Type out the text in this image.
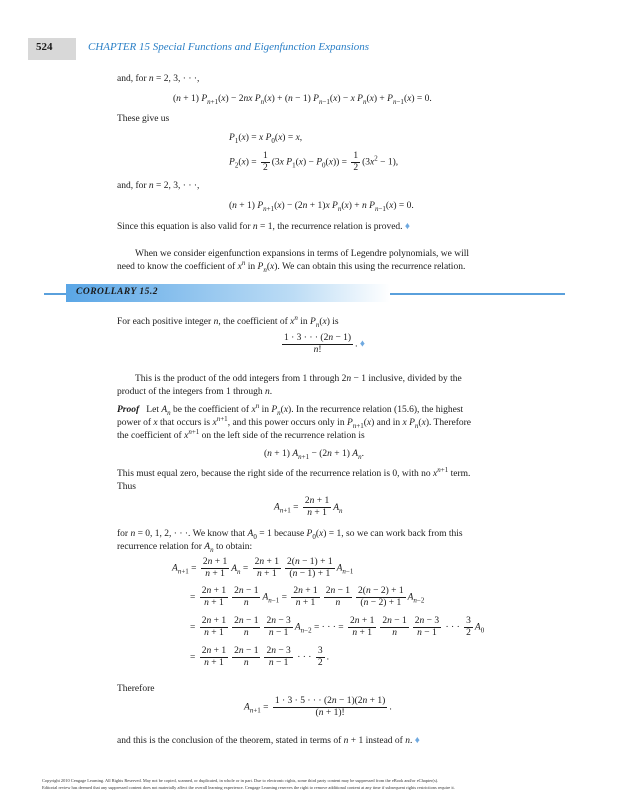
524	CHAPTER 15 Special Functions and Eigenfunction Expansions
and, for n = 2, 3, · · ·,
(n + 1) $P_{n+1}(x) - 2nx$ $P_n(x) + (n - 1) P_{n-1}(x) - x$ $P_n(x) + P_{n-1}(x) = 0$.
These give us
$P_1(x) = x$ $P_0(x) = x$,
$P_2(x) = \frac{1}{2} (3x$ $P_1(x) - P_0(x)) = \frac{1}{2} (3x^2 - 1)$,
and, for n = 2, 3, · · ·,
(n + 1) $P_{n+1}(x) - (2n + 1)x$ $P_n(x) + n$ $P_{n-1}(x) = 0$.
Since this equation is also valid for n = 1, the recurrence relation is proved. ♦
When we consider eigenfunction expansions in terms of Legendre polynomials, we will
need to know the coefficient of $x^n$ in $P_n(x)$. We can obtain this using the recurrence relation.
COROLLARY 15.2
For each positive integer n, the coefficient of $x^n$ in $P_n(x)$ is
$\frac{1 \cdot 3 \cdot \cdot \cdot (2n - 1)}{n!}$ . ♦
This is the product of the odd integers from 1 through 2n − 1 inclusive, divided by the
product of the integers from 1 through n.
Proof   Let $A_n$ be the coefficient of $x^n$ in $P_n(x)$. In the recurrence relation (15.6), the highest
power of x that occurs is $x^{n+1}$, and this power occurs only in $P_{n+1}(x)$ and in x $P_n(x)$. Therefore
the coefficient of $x^{n+1}$ on the left side of the recurrence relation is
(n + 1) $A_{n+1} - (2n + 1)$ $A_n$.
This must equal zero, because the right side of the recurrence relation is 0, with no $x^{n+1}$ term.
Thus
$A_{n+1} = \frac{2n + 1}{n + 1} A_n$
for n = 0, 1, 2, · · ·. We know that $A_0 = 1$ because $P_0(x) = 1$, so we can work back from this
recurrence relation for $A_n$ to obtain:
$A_{n+1} = \frac{2n + 1}{n + 1} A_n = \frac{2n + 1}{n + 1} \frac{2(n - 1) + 1}{(n - 1) + 1} A_{n-1}$
= $\frac{2n + 1}{n + 1} \frac{2n - 1}{n} A_{n-1} = \frac{2n + 1}{n + 1} \frac{2n - 1}{n} \frac{2(n - 2) + 1}{(n - 2) + 1} A_{n-2}$
= $\frac{2n + 1}{n + 1} \frac{2n - 1}{n} \frac{2n - 3}{n - 1} A_{n-2}$ = · · · = $\frac{2n + 1}{n + 1} \frac{2n - 1}{n} \frac{2n - 3}{n - 1}$ · · · $\frac{3}{2} A_0$
= $\frac{2n + 1}{n + 1} \frac{2n - 1}{n} \frac{2n - 3}{n - 1}$ · · · $\frac{3}{2}$ .
Therefore
$A_{n+1} = \frac{1 \cdot 3 \cdot 5 \cdot \cdot \cdot (2n - 1)(2n + 1)}{(n + 1)!}$ .
and this is the conclusion of the theorem, stated in terms of n + 1 instead of n. ♦
Copyright 2010 Cengage Learning. All Rights Reserved. May not be copied, scanned, or duplicated, in whole or in part. Due to electronic rights, some third party content may be suppressed from the eBook and/or eChapter(s).
Editorial review has deemed that any suppressed content does not materially affect the overall learning experience. Cengage Learning reserves the right to remove additional content at any time if subsequent rights restrictions require it.
